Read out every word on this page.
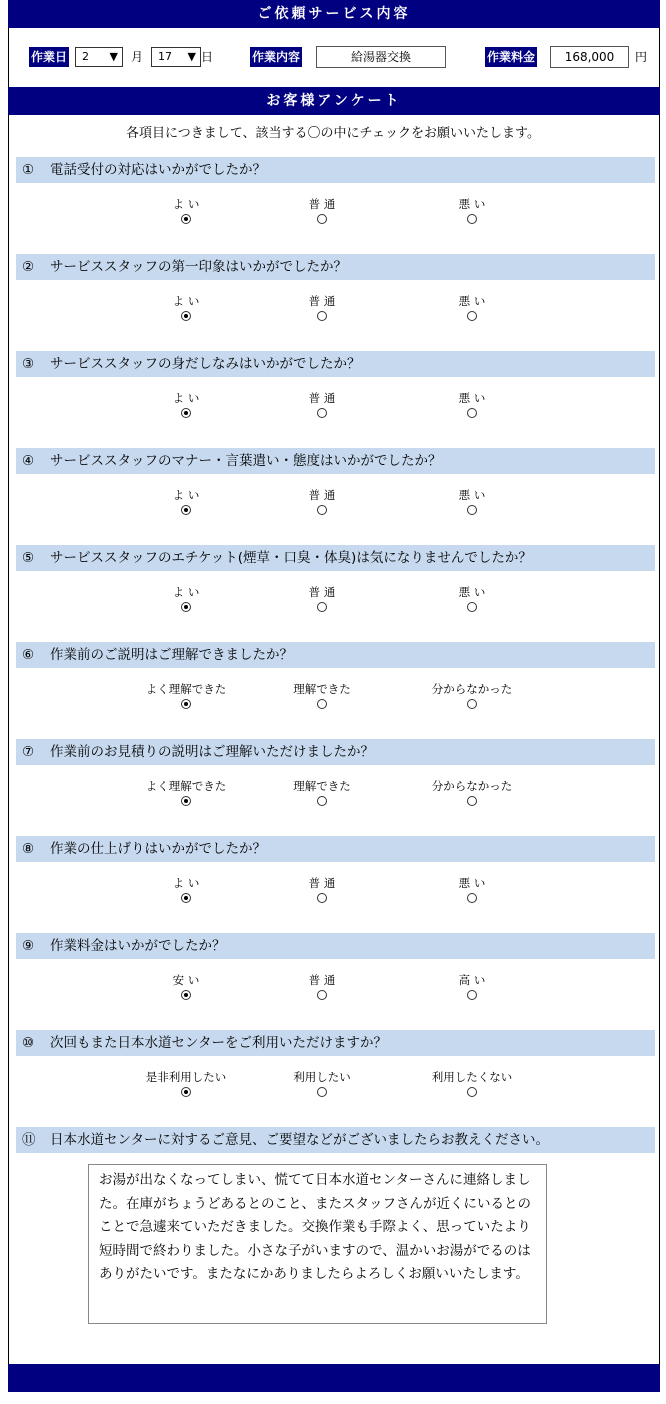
ご依頼サービス内容
作業日	2 ▼ 月	17 ▼ 日	作業内容	給湯器交換	作業料金	168,000	円
お客様アンケート
各項目につきまして、該当する〇の中にチェックをお願いいたします。
① 電話受付の対応はいかがでしたか？
よ い	普 通	悪 い
② サービススタッフの第一印象はいかがでしたか？
よ い	普 通	悪 い
③ サービススタッフの身だしなみはいかがでしたか？
よ い	普 通	悪 い
④ サービススタッフのマナー・言葉遣い・態度はいかがでしたか？
よ い	普 通	悪 い
⑤ サービススタッフのエチケット(煙草・口臭・体臭)は気になりませんでしたか？
よ い	普 通	悪 い
⑥ 作業前のご説明はご理解できましたか？
よく理解できた	理解できた	分からなかった
⑦ 作業前のお見積りの説明はご理解いただけましたか？
よく理解できた	理解できた	分からなかった
⑧ 作業の仕上げりはいかがでしたか？
よ い	普 通	悪 い
⑨ 作業料金はいかがでしたか？
安 い	普 通	高 い
⑩ 次回もまた日本水道センターをご利用いただけますか？
是非利用したい	利用したい	利用したくない
⑪ 日本水道センターに対するご意見、ご要望などがございましたらお教えください。
お湯が出なくなってしまい、慌てて日本水道センターさんに連絡しました。在庫がちょうどあるとのこと、またスタッフさんが近くにいるとのことで急遽来ていただきました。交換作業も手際よく、思っていたより短時間で終わりました。小さな子がいますので、温かいお湯がでるのはありがたいです。またなにかありましたらよろしくお願いいたします。
